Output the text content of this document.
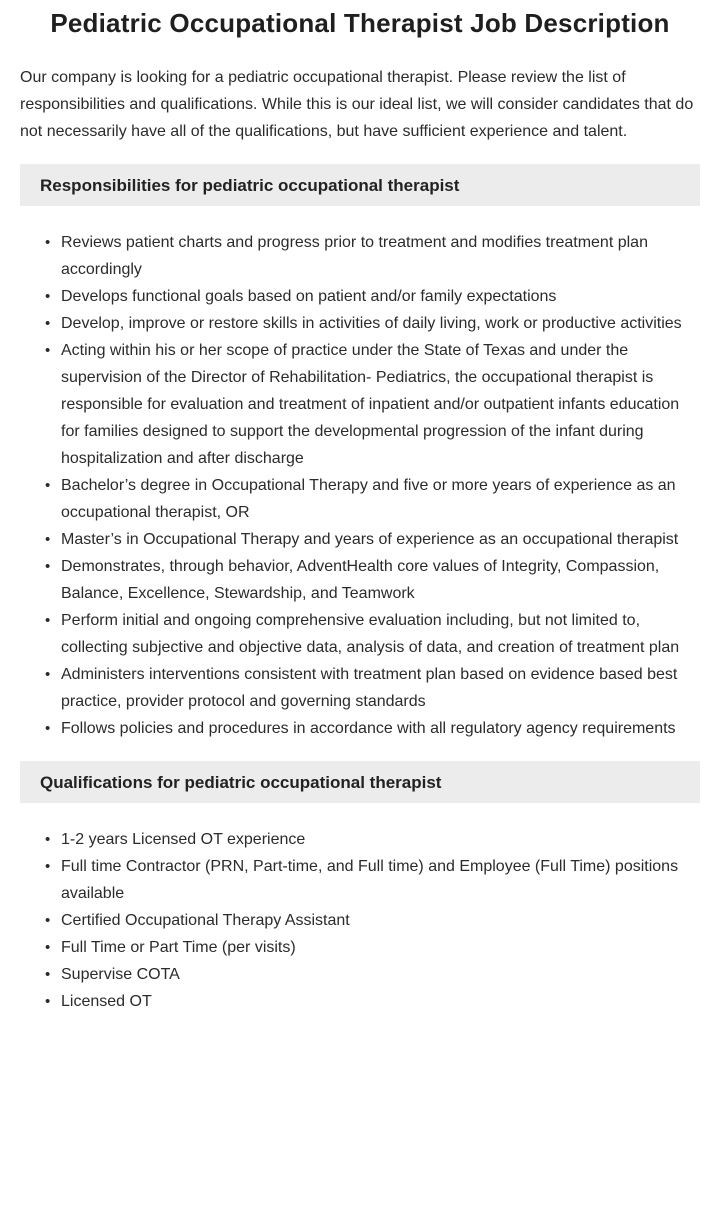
Pediatric Occupational Therapist Job Description

Our company is looking for a pediatric occupational therapist. Please review the list of responsibilities and qualifications. While this is our ideal list, we will consider candidates that do not necessarily have all of the qualifications, but have sufficient experience and talent.

Responsibilities for pediatric occupational therapist
• Reviews patient charts and progress prior to treatment and modifies treatment plan accordingly
• Develops functional goals based on patient and/or family expectations
• Develop, improve or restore skills in activities of daily living, work or productive activities
• Acting within his or her scope of practice under the State of Texas and under the supervision of the Director of Rehabilitation- Pediatrics, the occupational therapist is responsible for evaluation and treatment of inpatient and/or outpatient infants education for families designed to support the developmental progression of the infant during hospitalization and after discharge
• Bachelor’s degree in Occupational Therapy and five or more years of experience as an occupational therapist, OR
• Master’s in Occupational Therapy and years of experience as an occupational therapist
• Demonstrates, through behavior, AdventHealth core values of Integrity, Compassion, Balance, Excellence, Stewardship, and Teamwork
• Perform initial and ongoing comprehensive evaluation including, but not limited to, collecting subjective and objective data, analysis of data, and creation of treatment plan
• Administers interventions consistent with treatment plan based on evidence based best practice, provider protocol and governing standards
• Follows policies and procedures in accordance with all regulatory agency requirements
Qualifications for pediatric occupational therapist
• 1-2 years Licensed OT experience
• Full time Contractor (PRN, Part-time, and Full time) and Employee (Full Time) positions available
• Certified Occupational Therapy Assistant
• Full Time or Part Time (per visits)
• Supervise COTA
• Licensed OT
